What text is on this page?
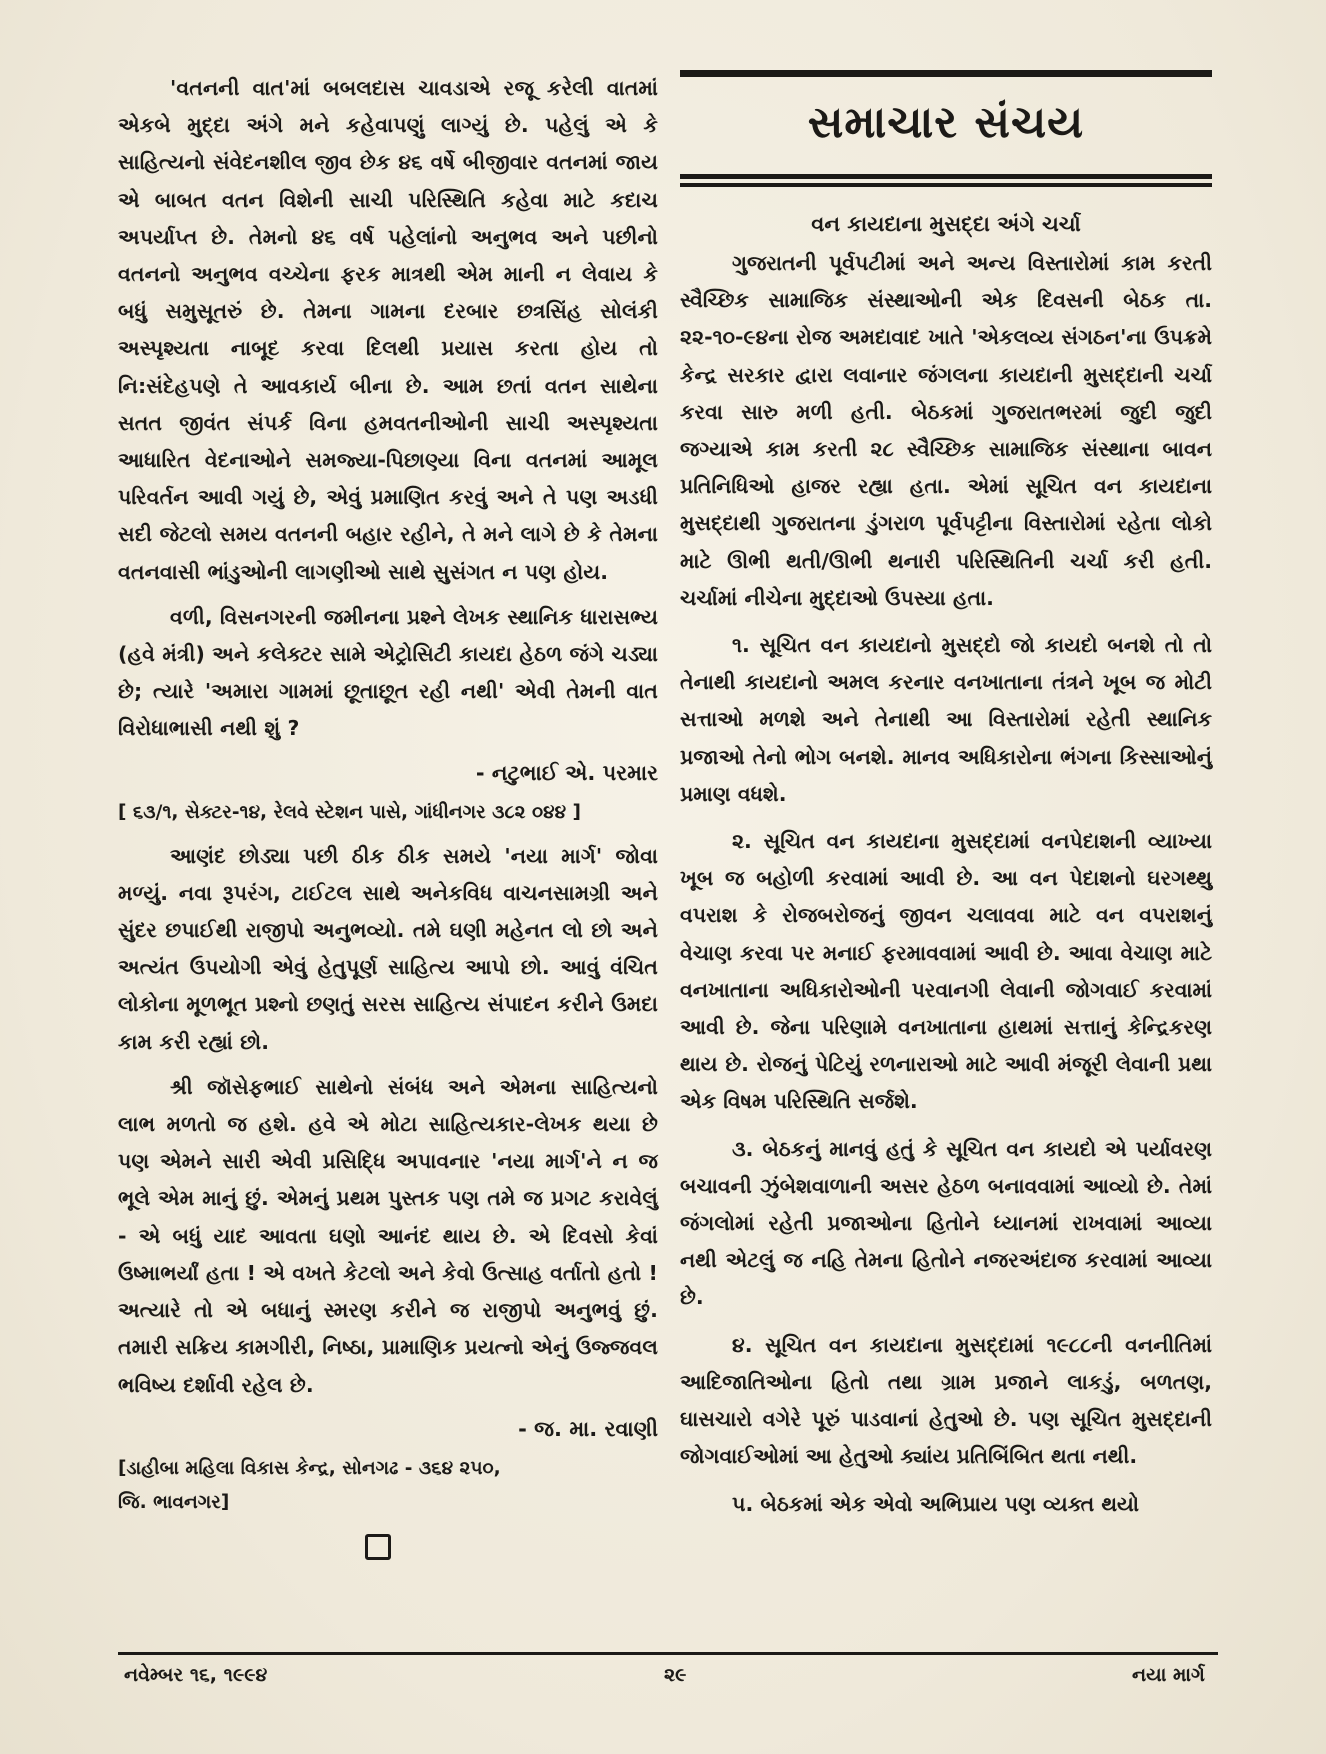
'વતનની વાત'માં બબલદાસ ચાવડાએ રજૂ કરેલી વાતમાં એકબે મુદ્દા અંગે મને કહેવાપણું લાગ્યું છે. પહેલું એ કે સાહિત્યનો સંવેદનશીલ જીવ છેક ૪૬ વર્ષે બીજીવાર વતનમાં જાય એ બાબત વતન વિશેની સાચી પરિસ્થિતિ કહેવા માટે કદાચ અપર્યાપ્ત છે. તેમનો ૪૬ વર્ષ પહેલાંનો અનુભવ અને પછીનો વતનનો અનુભવ વચ્ચેના ફરક માત્રથી એમ માની ન લેવાય કે બધું સમુસૂતરું છે. તેમના ગામના દરબાર છત્રસિંહ સોલંકી અસ્પૃશ્યતા નાબૂદ કરવા દિલથી પ્રયાસ કરતા હોય તો નિ:સંદેહપણે તે આવકાર્ય બીના છે. આમ છતાં વતન સાથેના સતત જીવંત સંપર્ક વિના હમવતનીઓની સાચી અસ્પૃશ્યતા આધારિત વેદનાઓને સમજ્યા-પિછાણ્યા વિના વતનમાં આમૂલ પરિવર્તન આવી ગયું છે, એવું પ્રમાણિત કરવું અને તે પણ અડધી સદી જેટલો સમય વતનની બહાર રહીને, તે મને લાગે છે કે તેમના વતનવાસી ભાંડુઓની લાગણીઓ સાથે સુસંગત ન પણ હોય.

વળી, વિસનગરની જમીનના પ્રશ્ને લેખક સ્થાનિક ધારાસભ્ય (હવે મંત્રી) અને કલેક્ટર સામે એટ્રોસિટી કાયદા હેઠળ જંગે ચડ્યા છે; ત્યારે 'અમારા ગામમાં છૂતાછૂત રહી નથી' એવી તેમની વાત વિરોધાભાસી નથી શું ?

- નટુભાઈ એ. પરમાર
[ ૬૩/૧, સેક્ટર-૧૪, રેલવે સ્ટેશન પાસે, ગાંધીનગર ૩૮૨ ૦૪૪ ]

આણંદ છોડ્યા પછી ઠીક ઠીક સમયે 'નયા માર્ગ' જોવા મળ્યું. નવા રૂપરંગ, ટાઈટલ સાથે અનેકવિધ વાચનસામગ્રી અને સુંદર છપાઈથી રાજીપો અનુભવ્યો. તમે ઘણી મહેનત લો છો અને અત્યંત ઉપયોગી એવું હેતુપૂર્ણ સાહિત્ય આપો છો. આવું વંચિત લોકોના મૂળભૂત પ્રશ્નો છણતું સરસ સાહિત્ય સંપાદન કરીને ઉમદા કામ કરી રહ્યાં છો.

શ્રી જૉસેફભાઈ સાથેનો સંબંધ અને એમના સાહિત્યનો લાભ મળતો જ હશે. હવે એ મોટા સાહિત્યકાર-લેખક થયા છે પણ એમને સારી એવી પ્રસિદ્ધિ અપાવનાર 'નયા માર્ગ'ને ન જ ભૂલે એમ માનું છું. એમનું પ્રથમ પુસ્તક પણ તમે જ પ્રગટ કરાવેલું - એ બધું યાદ આવતા ઘણો આનંદ થાય છે. એ દિવસો કેવાં ઉષ્માભર્યાં હતા ! એ વખતે કેટલો અને કેવો ઉત્સાહ વર્તાતો હતો ! અત્યારે તો એ બધાનું સ્મરણ કરીને જ રાજીપો અનુભવું છું. તમારી સક્રિય કામગીરી, નિષ્ઠા, પ્રામાણિક પ્રયત્નો એનું ઉજ્જવલ ભવિષ્ય દર્શાવી રહેલ છે.

- જ. મા. રવાણી
[ડાહીબા મહિલા વિકાસ કેન્દ્ર, સોનગઢ - ૩૬૪ ૨૫૦,
જિ. ભાવનગર]
સમાચાર સંચય
વન કાયદાના મુસદ્દા અંગે ચર્ચા

ગુજરાતની પૂર્વપટીમાં અને અન્ય વિસ્તારોમાં કામ કરતી સ્વૈચ્છિક સામાજિક સંસ્થાઓની એક દિવસની બેઠક તા. ૨૨-૧૦-૯૪ના રોજ અમદાવાદ ખાતે 'એકલવ્ય સંગઠન'ના ઉપક્રમે કેન્દ્ર સરકાર દ્વારા લવાનાર જંગલના કાયદાની મુસદ્દાની ચર્ચા કરવા સારુ મળી હતી. બેઠકમાં ગુજરાતભરમાં જુદી જુદી જગ્યાએ કામ કરતી ૨૮ સ્વૈચ્છિક સામાજિક સંસ્થાના બાવન પ્રતિનિધિઓ હાજર રહ્યા હતા. એમાં સૂચિત વન કાયદાના મુસદ્દાથી ગુજરાતના ડુંગરાળ પૂર્વપટ્ટીના વિસ્તારોમાં રહેતા લોકો માટે ઊભી થતી/ઊભી થનારી પરિસ્થિતિની ચર્ચા કરી હતી. ચર્ચામાં નીચેના મુદ્દાઓ ઉપસ્યા હતા.

૧. સૂચિત વન કાયદાનો મુસદ્દો જો કાયદો બનશે તો તો તેનાથી કાયદાનો અમલ કરનાર વનખાતાના તંત્રને ખૂબ જ મોટી સત્તાઓ મળશે અને તેનાથી આ વિસ્તારોમાં રહેતી સ્થાનિક પ્રજાઓ તેનો ભોગ બનશે. માનવ અધિકારોના ભંગના કિસ્સાઓનું પ્રમાણ વધશે.

૨. સૂચિત વન કાયદાના મુસદ્દામાં વનપેદાશની વ્યાખ્યા ખૂબ જ બહોળી કરવામાં આવી છે. આ વન પેદાશનો ઘરગથ્થુ વપરાશ કે રોજબરોજનું જીવન ચલાવવા માટે વન વપરાશનું વેચાણ કરવા પર મનાઈ ફરમાવવામાં આવી છે. આવા વેચાણ માટે વનખાતાના અધિકારોઓની પરવાનગી લેવાની જોગવાઈ કરવામાં આવી છે. જેના પરિણામે વનખાતાના હાથમાં સત્તાનું કેન્દ્રિકરણ થાય છે. રોજનું પેટિયું રળનારાઓ માટે આવી મંજૂરી લેવાની પ્રથા એક વિષમ પરિસ્થિતિ સર્જશે.

૩. બેઠકનું માનવું હતું કે સૂચિત વન કાયદો એ પર્યાવરણ બચાવની ઝુંબેશવાળાની અસર હેઠળ બનાવવામાં આવ્યો છે. તેમાં જંગલોમાં રહેતી પ્રજાઓના હિતોને ધ્યાનમાં રાખવામાં આવ્યા નથી એટલું જ નહિ તેમના હિતોને નજરઅંદાજ કરવામાં આવ્યા છે.

૪. સૂચિત વન કાયદાના મુસદ્દામાં ૧૯૮૮ની વનનીતિમાં આદિજાતિઓના હિતો તથા ગ્રામ પ્રજાને લાકડું, બળતણ, ઘાસચારો વગેરે પૂરું પાડવાનાં હેતુઓ છે. પણ સૂચિત મુસદ્દાની જોગવાઈઓમાં આ હેતુઓ ક્યાંય પ્રતિબિંબિત થતા નથી.

૫. બેઠકમાં એક એવો અભિપ્રાય પણ વ્યક્ત થયો

નવેમ્બર ૧૬, ૧૯૯૪	૨૯	નયા માર્ગ
